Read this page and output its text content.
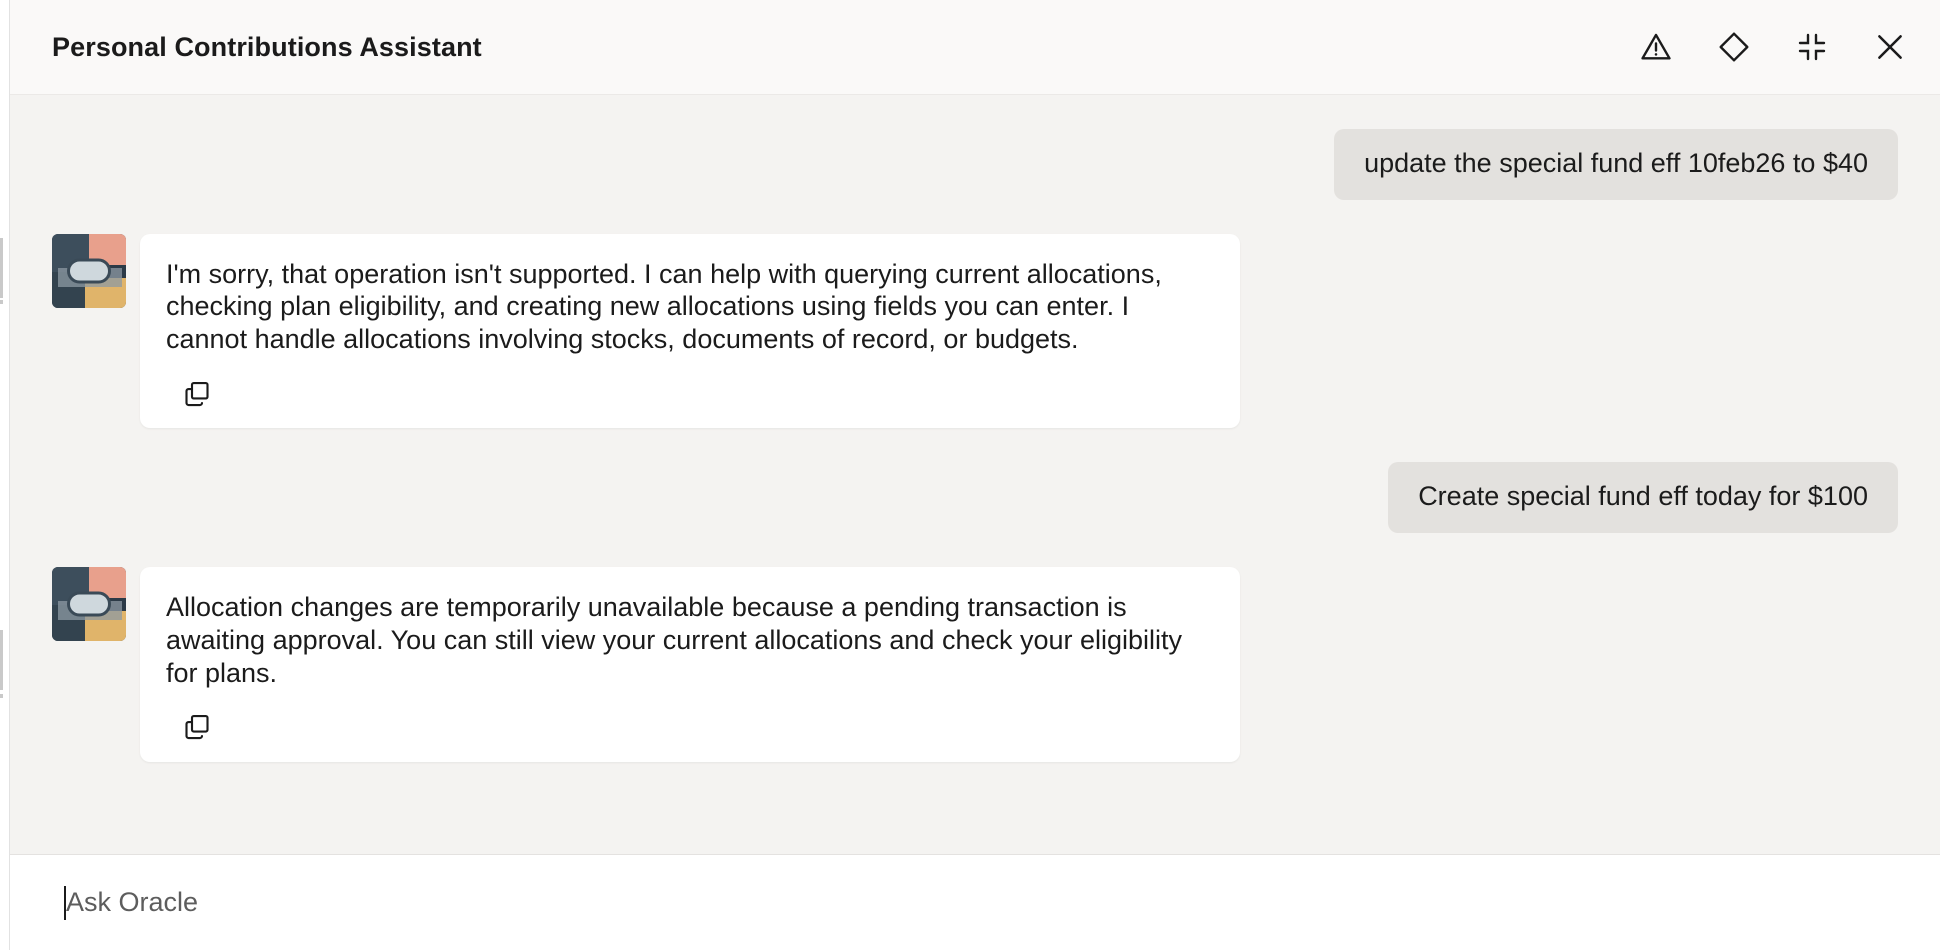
Personal Contributions Assistant
update the special fund eff 10feb26 to $40
I'm sorry, that operation isn't supported. I can help with querying current allocations, checking plan eligibility, and creating new allocations using fields you can enter. I cannot handle allocations involving stocks, documents of record, or budgets.
Create special fund eff today for $100
Allocation changes are temporarily unavailable because a pending transaction is awaiting approval. You can still view your current allocations and check your eligibility for plans.
Ask Oracle
